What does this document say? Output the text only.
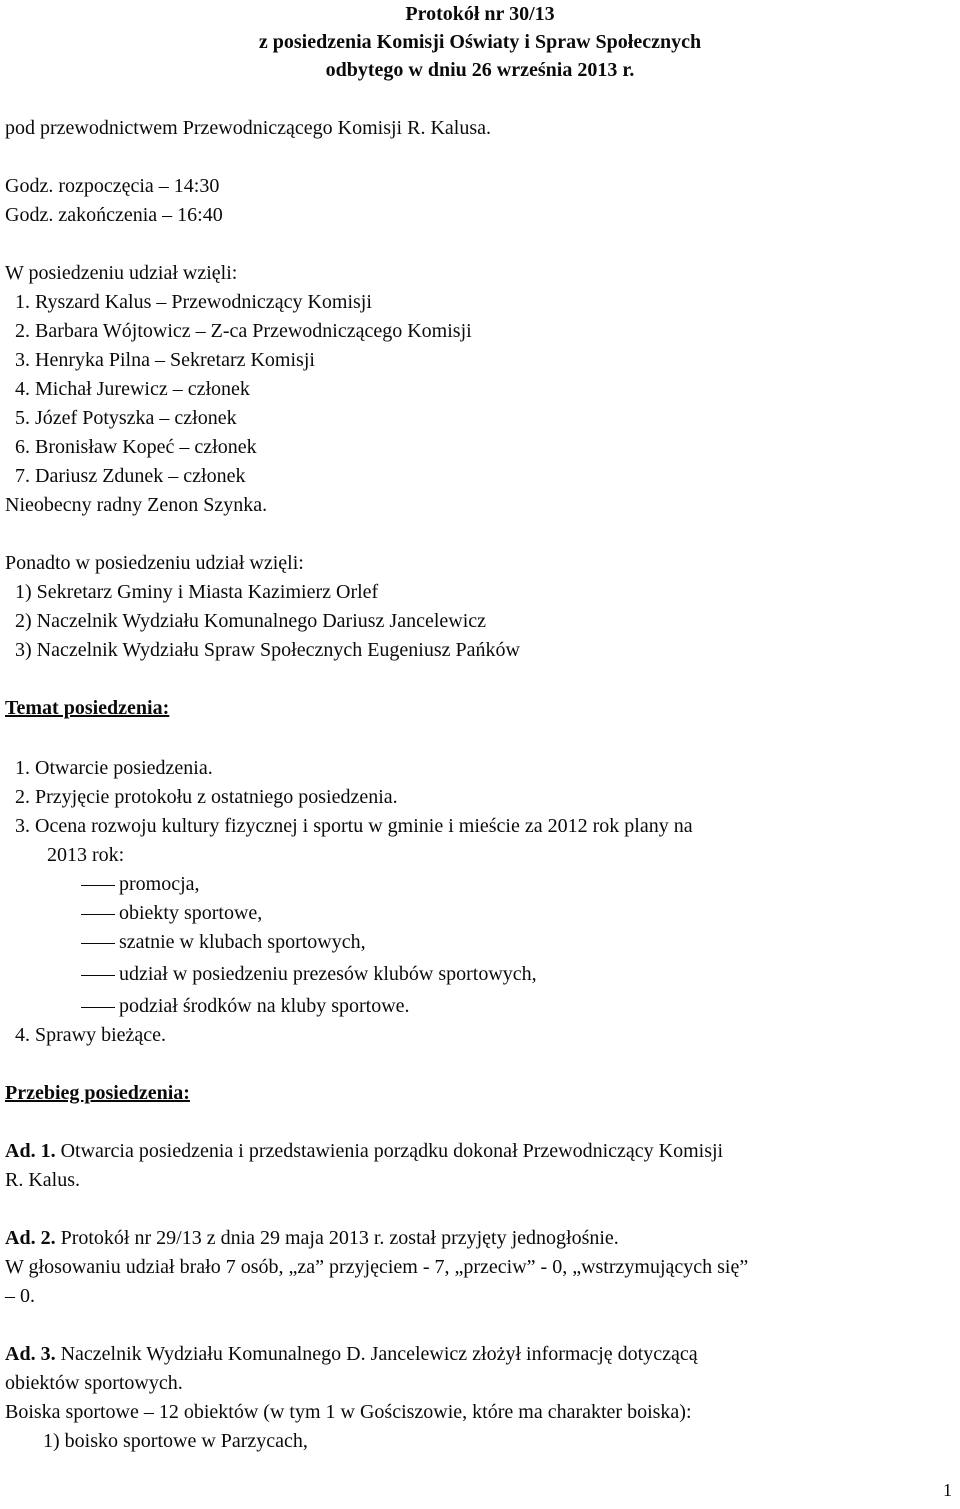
Protokół nr 30/13
z posiedzenia Komisji Oświaty i Spraw Społecznych
odbytego w dniu 26 września 2013 r.
pod przewodnictwem Przewodniczącego Komisji R. Kalusa.
Godz. rozpoczęcia – 14:30
Godz. zakończenia – 16:40
W posiedzeniu udział wzięli:
1. Ryszard Kalus – Przewodniczący Komisji
2. Barbara Wójtowicz – Z-ca Przewodniczącego Komisji
3. Henryka Pilna – Sekretarz Komisji
4. Michał Jurewicz – członek
5. Józef Potyszka – członek
6. Bronisław Kopeć – członek
7. Dariusz Zdunek – członek
Nieobecny radny Zenon Szynka.
Ponadto w posiedzeniu udział wzięli:
1) Sekretarz Gminy i Miasta Kazimierz Orlef
2) Naczelnik Wydziału Komunalnego Dariusz Jancelewicz
3) Naczelnik Wydziału Spraw Społecznych Eugeniusz Pańków
Temat posiedzenia:
1. Otwarcie posiedzenia.
2. Przyjęcie protokołu z ostatniego posiedzenia.
3. Ocena rozwoju kultury fizycznej i sportu w gminie i mieście za 2012 rok plany na
2013 rok:
promocja,
obiekty sportowe,
szatnie w klubach sportowych,
udział w posiedzeniu prezesów klubów sportowych,
podział środków na kluby sportowe.
4. Sprawy bieżące.
Przebieg posiedzenia:
Ad. 1. Otwarcia posiedzenia i przedstawienia porządku dokonał Przewodniczący Komisji
R. Kalus.
Ad. 2. Protokół nr 29/13 z dnia 29 maja 2013 r. został przyjęty jednogłośnie.
W głosowaniu udział brało 7 osób, „za” przyjęciem - 7, „przeciw” - 0, „wstrzymujących się”
– 0.
Ad. 3. Naczelnik Wydziału Komunalnego D. Jancelewicz złożył informację dotyczącą
obiektów sportowych.
Boiska sportowe – 12 obiektów (w tym 1 w Gościszowie, które ma charakter boiska):
1) boisko sportowe w Parzycach,
1
